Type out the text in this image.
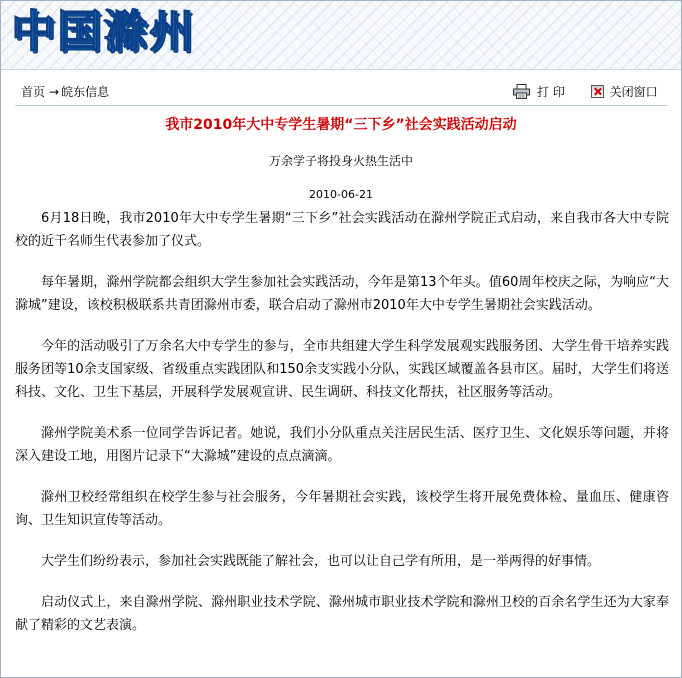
中国滁州
首页 → 皖东信息	打 印	关闭窗口
我市2010年大中专学生暑期“三下乡”社会实践活动启动
万余学子将投身火热生活中
2010-06-21

6月18日晚，我市2010年大中专学生暑期“三下乡”社会实践活动在滁州学院正式启动，来自我市各大中专院校的近千名师生代表参加了仪式。

每年暑期，滁州学院都会组织大学生参加社会实践活动，今年是第13个年头。值60周年校庆之际，为响应“大滁城”建设，该校积极联系共青团滁州市委，联合启动了滁州市2010年大中专学生暑期社会实践活动。

今年的活动吸引了万余名大中专学生的参与，全市共组建大学生科学发展观实践服务团、大学生骨干培养实践服务团等10余支国家级、省级重点实践团队和150余支实践小分队，实践区域覆盖各县市区。届时，大学生们将送科技、文化、卫生下基层，开展科学发展观宣讲、民生调研、科技文化帮扶，社区服务等活动。

滁州学院美术系一位同学告诉记者。她说，我们小分队重点关注居民生活、医疗卫生、文化娱乐等问题，并将深入建设工地，用图片记录下“大滁城”建设的点点滴滴。

滁州卫校经常组织在校学生参与社会服务，今年暑期社会实践，该校学生将开展免费体检、量血压、健康咨询、卫生知识宣传等活动。

大学生们纷纷表示，参加社会实践既能了解社会，也可以让自己学有所用，是一举两得的好事情。

启动仪式上，来自滁州学院、滁州职业技术学院、滁州城市职业技术学院和滁州卫校的百余名学生还为大家奉献了精彩的文艺表演。
